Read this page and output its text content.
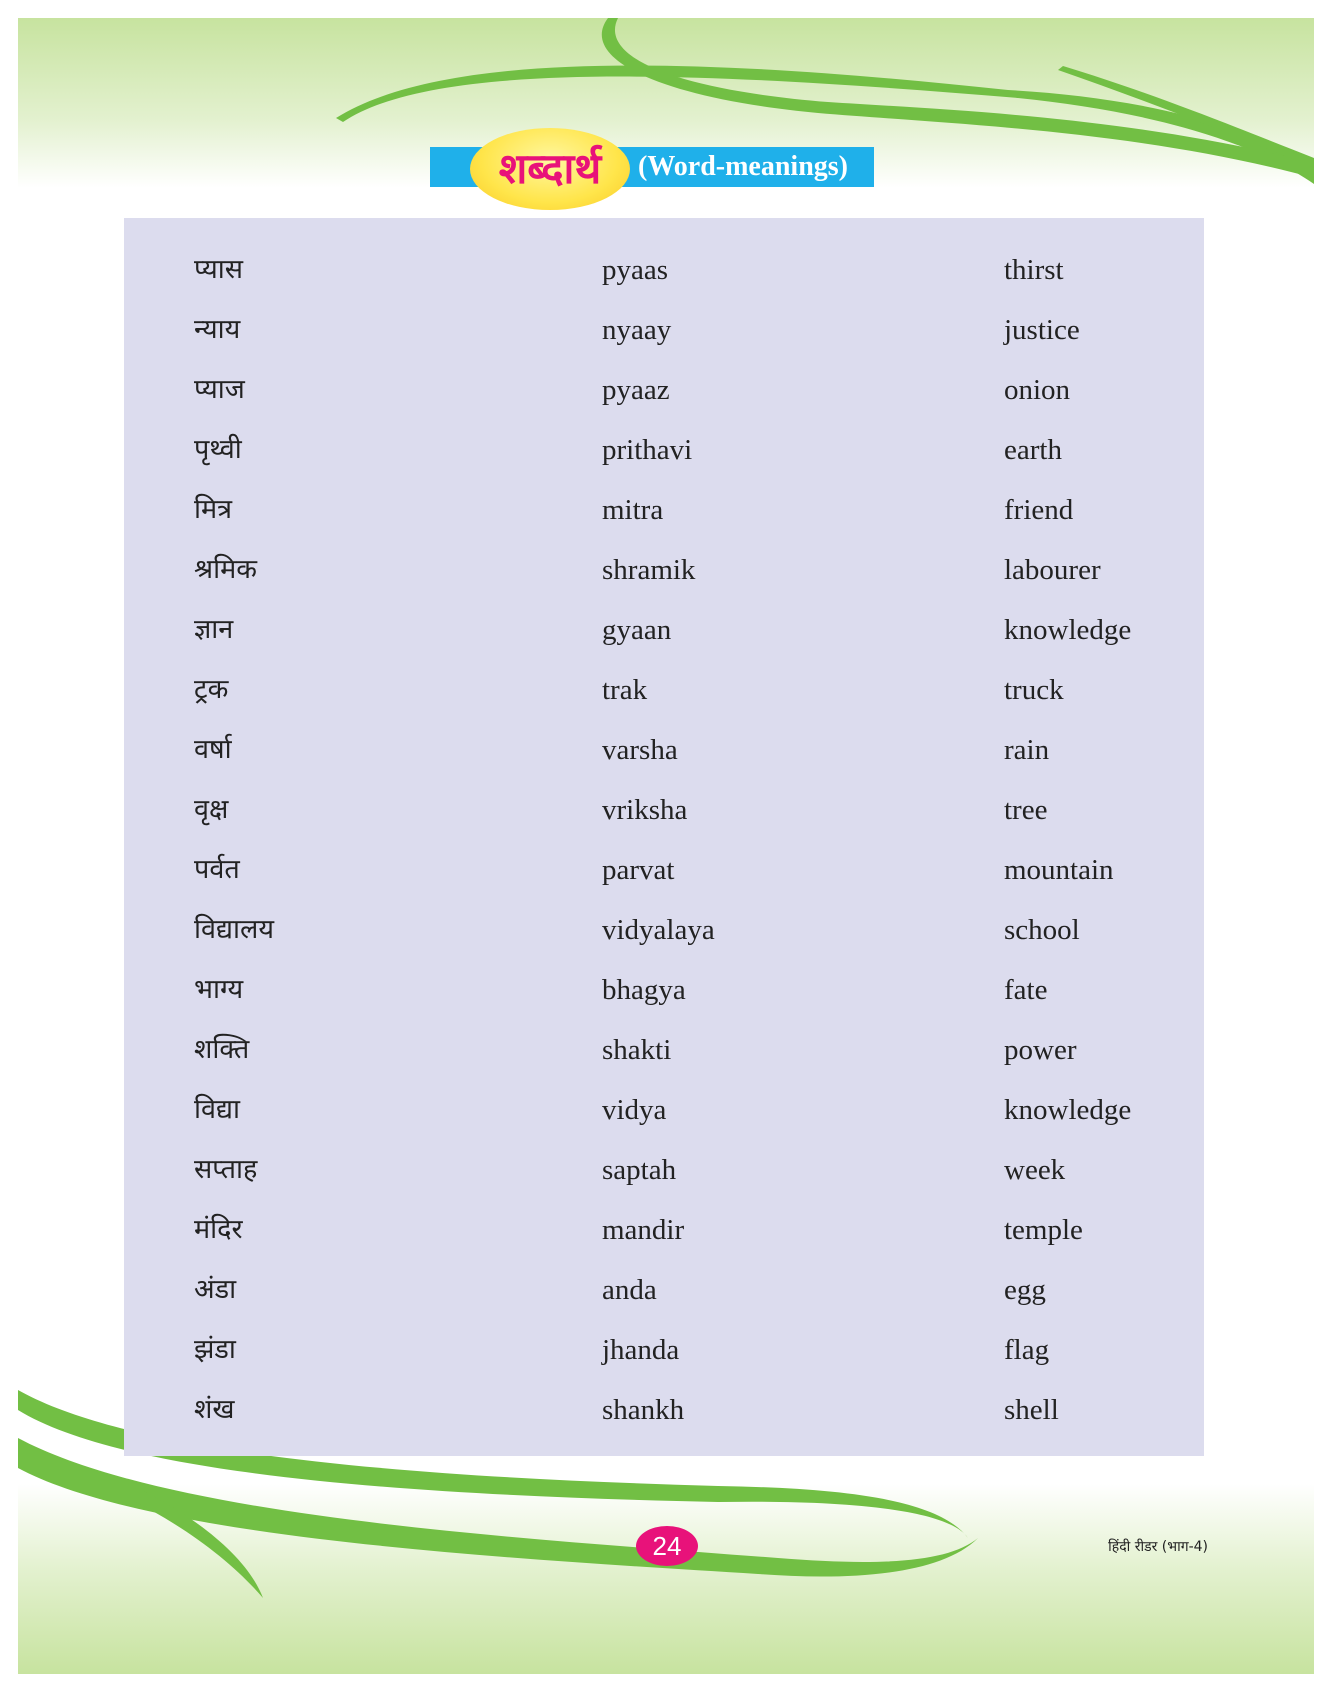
शब्दार्थ	(Word-meanings)
प्यास	pyaas	thirst
न्याय	nyaay	justice
प्याज	pyaaz	onion
पृथ्वी	prithavi	earth
मित्र	mitra	friend
श्रमिक	shramik	labourer
ज्ञान	gyaan	knowledge
ट्रक	trak	truck
वर्षा	varsha	rain
वृक्ष	vriksha	tree
पर्वत	parvat	mountain
विद्यालय	vidyalaya	school
भाग्य	bhagya	fate
शक्ति	shakti	power
विद्या	vidya	knowledge
सप्ताह	saptah	week
मंदिर	mandir	temple
अंडा	anda	egg
झंडा	jhanda	flag
शंख	shankh	shell
24	हिंदी रीडर (भाग-4)
